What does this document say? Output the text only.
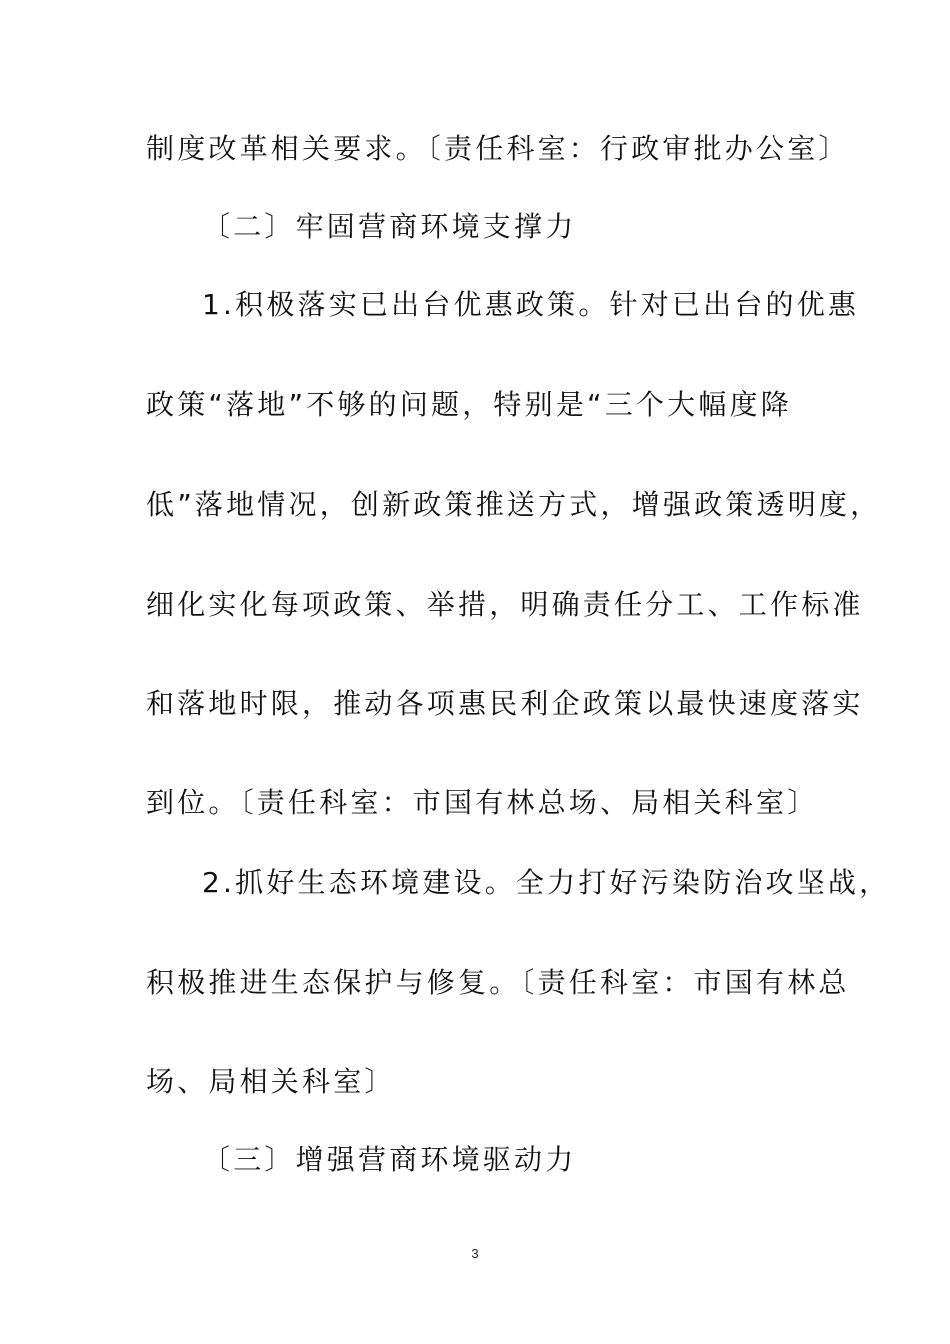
制度改革相关要求。〔责任科室：行政审批办公室〕
〔二〕牢固营商环境支撑力
1.积极落实已出台优惠政策。针对已出台的优惠
政策“落地”不够的问题，特别是“三个大幅度降
低”落地情况，创新政策推送方式，增强政策透明度，
细化实化每项政策、举措，明确责任分工、工作标准
和落地时限，推动各项惠民利企政策以最快速度落实
到位。〔责任科室：市国有林总场、局相关科室〕
2.抓好生态环境建设。全力打好污染防治攻坚战，
积极推进生态保护与修复。〔责任科室：市国有林总
场、局相关科室〕
〔三〕增强营商环境驱动力
3
